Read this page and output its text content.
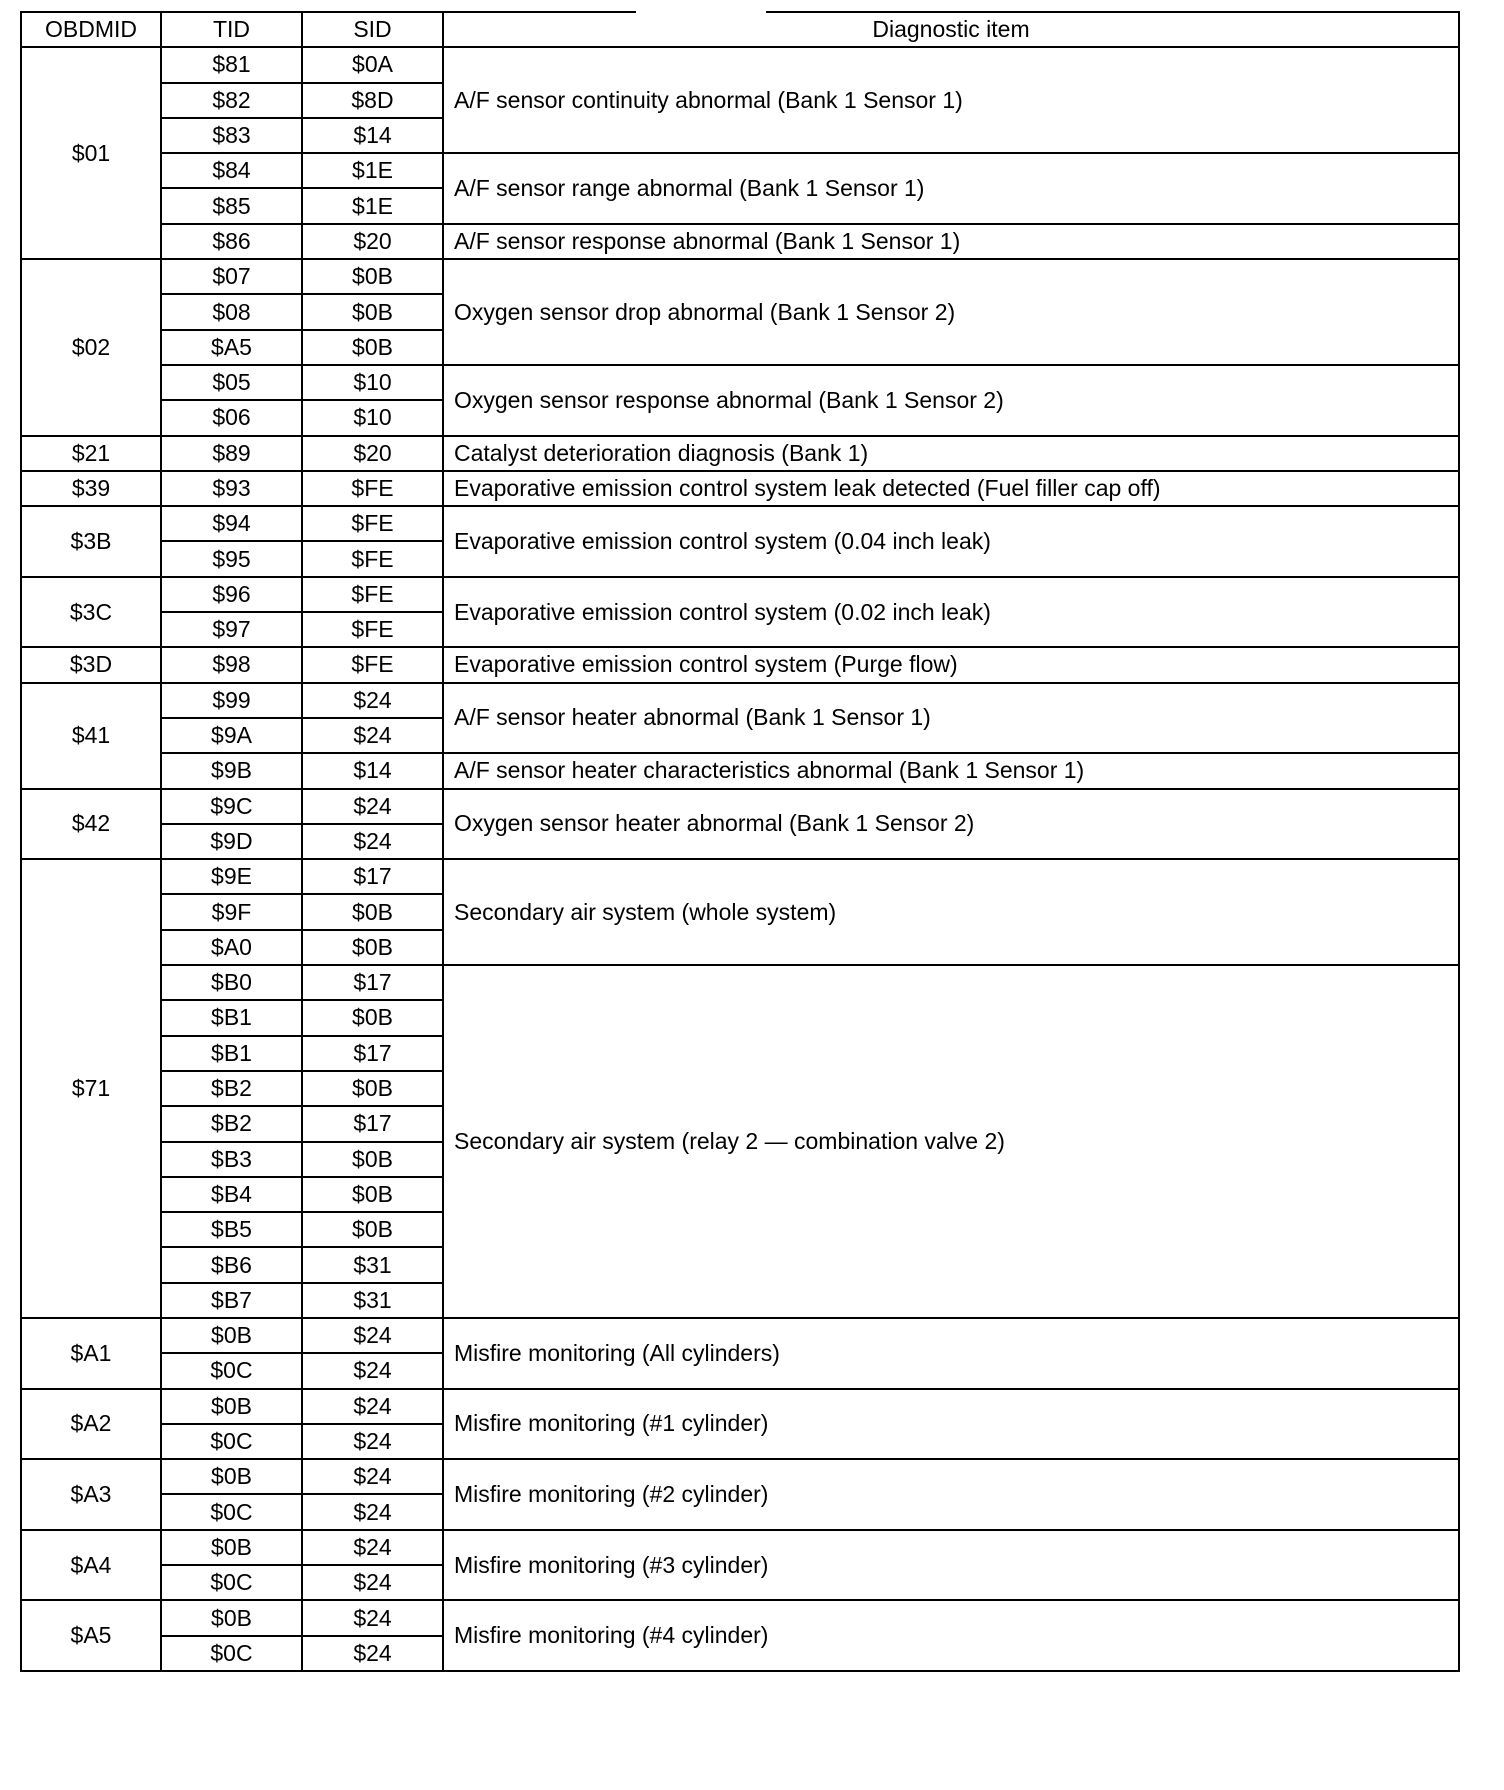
OBDMID	TID	SID	Diagnostic item
$01	$81	$0A	A/F sensor continuity abnormal (Bank 1 Sensor 1)
	$82	$8D	
	$83	$14	
	$84	$1E	A/F sensor range abnormal (Bank 1 Sensor 1)
	$85	$1E	
	$86	$20	A/F sensor response abnormal (Bank 1 Sensor 1)
$02	$07	$0B	Oxygen sensor drop abnormal (Bank 1 Sensor 2)
	$08	$0B	
	$A5	$0B	
	$05	$10	Oxygen sensor response abnormal (Bank 1 Sensor 2)
	$06	$10	
$21	$89	$20	Catalyst deterioration diagnosis (Bank 1)
$39	$93	$FE	Evaporative emission control system leak detected (Fuel filler cap off)
$3B	$94	$FE	Evaporative emission control system (0.04 inch leak)
	$95	$FE	
$3C	$96	$FE	Evaporative emission control system (0.02 inch leak)
	$97	$FE	
$3D	$98	$FE	Evaporative emission control system (Purge flow)
$41	$99	$24	A/F sensor heater abnormal (Bank 1 Sensor 1)
	$9A	$24	
	$9B	$14	A/F sensor heater characteristics abnormal (Bank 1 Sensor 1)
$42	$9C	$24	Oxygen sensor heater abnormal (Bank 1 Sensor 2)
	$9D	$24	
$71	$9E	$17	Secondary air system (whole system)
	$9F	$0B	
	$A0	$0B	
	$B0	$17	Secondary air system (relay 2 — combination valve 2)
	$B1	$0B	
	$B1	$17	
	$B2	$0B	
	$B2	$17	
	$B3	$0B	
	$B4	$0B	
	$B5	$0B	
	$B6	$31	
	$B7	$31	
$A1	$0B	$24	Misfire monitoring (All cylinders)
	$0C	$24	
$A2	$0B	$24	Misfire monitoring (#1 cylinder)
	$0C	$24	
$A3	$0B	$24	Misfire monitoring (#2 cylinder)
	$0C	$24	
$A4	$0B	$24	Misfire monitoring (#3 cylinder)
	$0C	$24	
$A5	$0B	$24	Misfire monitoring (#4 cylinder)
	$0C	$24	
